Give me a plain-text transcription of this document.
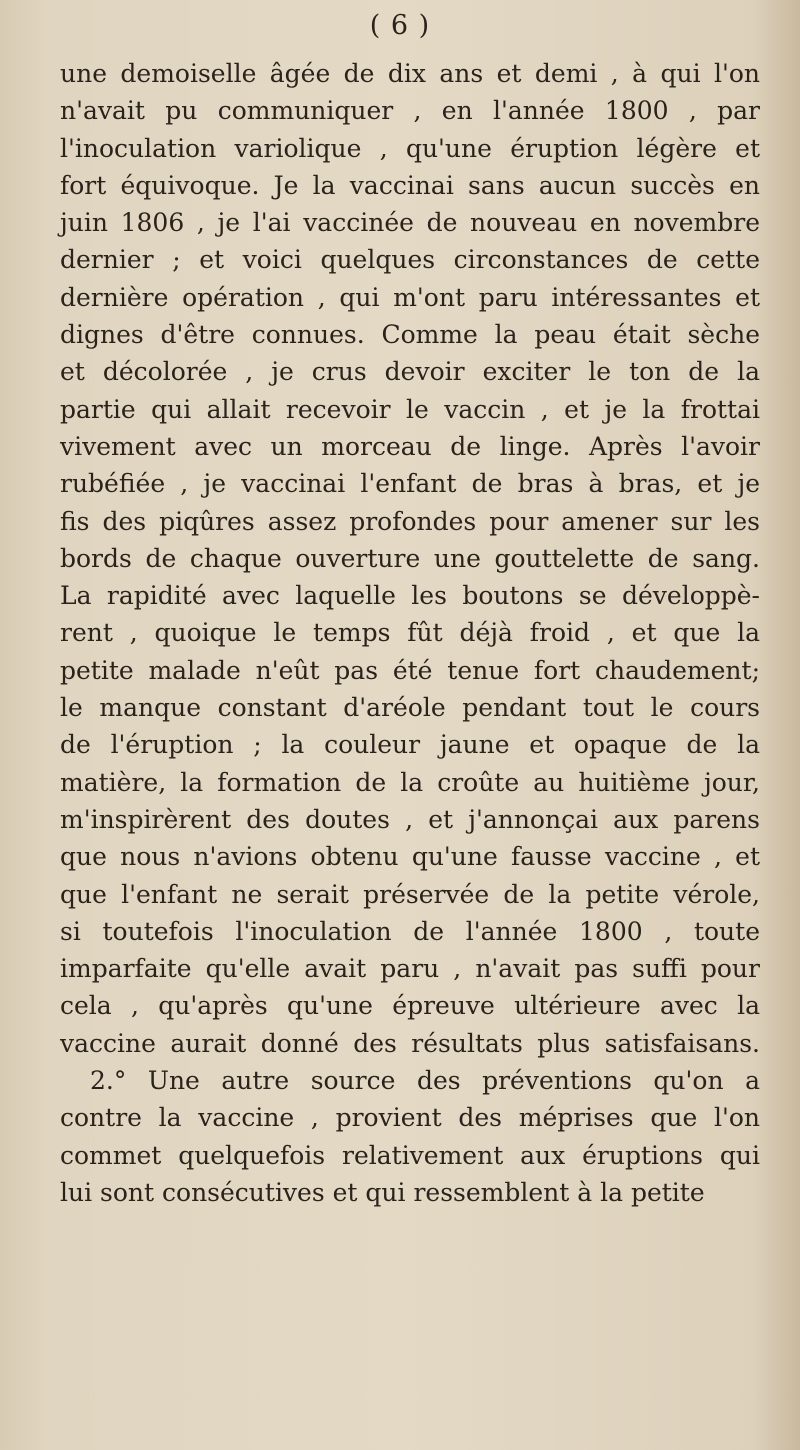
( 6 )
une demoiselle âgée de dix ans et demi , à qui l'on
n'avait pu communiquer , en l'année 1800 , par
l'inoculation variolique , qu'une éruption légère et
fort équivoque. Je la vaccinai sans aucun succès en
juin 1806 , je l'ai vaccinée de nouveau en novembre
dernier ; et voici quelques circonstances de cette
dernière opération , qui m'ont paru intéressantes et
dignes d'être connues. Comme la peau était sèche
et décolorée , je crus devoir exciter le ton de la
partie qui allait recevoir le vaccin , et je la frottai
vivement avec un morceau de linge. Après l'avoir
rubéfiée , je vaccinai l'enfant de bras à bras, et je
fis des piqûres assez profondes pour amener sur les
bords de chaque ouverture une gouttelette de sang.
La rapidité avec laquelle les boutons se développè-
rent , quoique le temps fût déjà froid , et que la
petite malade n'eût pas été tenue fort chaudement;
le manque constant d'aréole pendant tout le cours
de l'éruption ; la couleur jaune et opaque de la
matière, la formation de la croûte au huitième jour,
m'inspirèrent des doutes , et j'annonçai aux parens
que nous n'avions obtenu qu'une fausse vaccine , et
que l'enfant ne serait préservée de la petite vérole,
si toutefois l'inoculation de l'année 1800 , toute
imparfaite qu'elle avait paru , n'avait pas suffi pour
cela , qu'après qu'une épreuve ultérieure avec la
vaccine aurait donné des résultats plus satisfaisans.
2.° Une autre source des préventions qu'on a
contre la vaccine , provient des méprises que l'on
commet quelquefois relativement aux éruptions qui
lui sont consécutives et qui ressemblent à la petite
